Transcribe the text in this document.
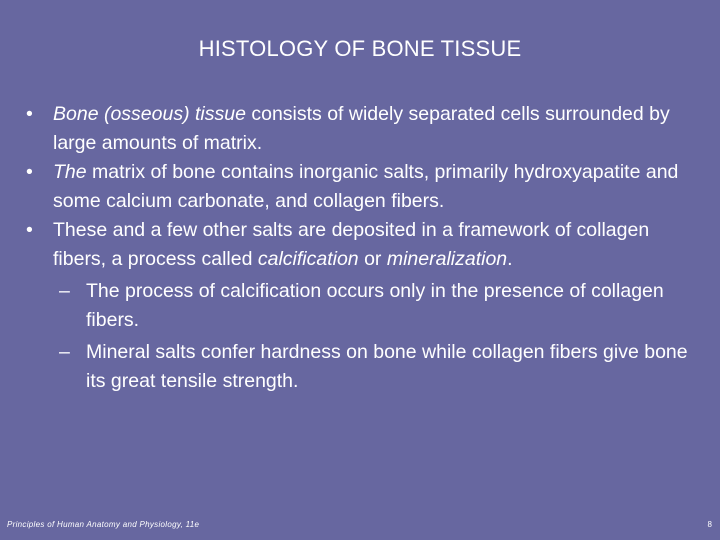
HISTOLOGY OF BONE TISSUE
• Bone (osseous) tissue consists of widely separated cells surrounded by large amounts of matrix.
• The matrix of bone contains inorganic salts, primarily hydroxyapatite and some calcium carbonate, and collagen fibers.
• These and a few other salts are deposited in a framework of collagen fibers, a process called calcification or mineralization.
– The process of calcification occurs only in the presence of collagen fibers.
– Mineral salts confer hardness on bone while collagen fibers give bone its great tensile strength.
Principles of Human Anatomy and Physiology, 11e	8
